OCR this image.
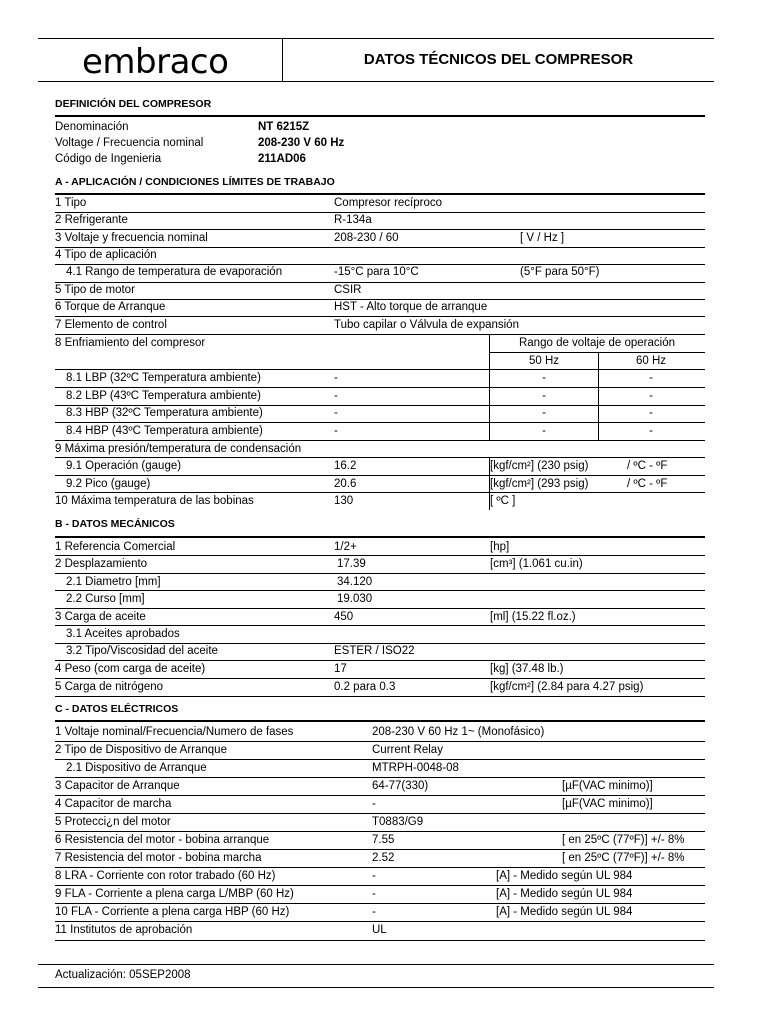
embraco	DATOS TÉCNICOS DEL COMPRESOR
DEFINICIÓN DEL COMPRESOR
Denominación	NT 6215Z
Voltage / Frecuencia nominal	208-230 V 60 Hz
Código de Ingenieria	211AD06
A - APLICACIÓN / CONDICIONES LÍMITES DE TRABAJO
1 Tipo	Compresor recíproco
2 Refrigerante	R-134a
3 Voltaje y frecuencia nominal	208-230 / 60	[ V / Hz ]
4 Tipo de aplicación
4.1 Rango de temperatura de evaporación	-15°C para 10°C	(5°F para 50°F)
5 Tipo de motor	CSIR
6 Torque de Arranque	HST - Alto torque de arranque
7 Elemento de control	Tubo capilar o Válvula de expansión
8 Enfriamiento del compresor	Rango de voltaje de operación
50 Hz	60 Hz
8.1 LBP (32ºC Temperatura ambiente)	-	-	-
8.2 LBP (43ºC Temperatura ambiente)	-	-	-
8.3 HBP (32ºC Temperatura ambiente)	-	-	-
8.4 HBP (43ºC Temperatura ambiente)	-	-	-
9 Máxima presión/temperatura de condensación
9.1 Operación (gauge)	16.2	[kgf/cm²] (230 psig)	/ ºC - ºF
9.2 Pico (gauge)	20.6	[kgf/cm²] (293 psig)	/ ºC - ºF
10 Máxima temperatura de las bobinas	130	[ ºC ]
B - DATOS MECÁNICOS
1 Referencia Comercial	1/2+	[hp]
2 Desplazamiento	17.39	[cm³] (1.061 cu.in)
2.1 Diametro [mm]	34.120
2.2 Curso [mm]	19.030
3 Carga de aceite	450	[ml] (15.22 fl.oz.)
3.1 Aceites aprobados
3.2 Tipo/Viscosidad del aceite	ESTER / ISO22
4 Peso (com carga de aceite)	17	[kg] (37.48 lb.)
5 Carga de nitrógeno	0.2 para 0.3	[kgf/cm²] (2.84 para 4.27 psig)
C - DATOS ELÉCTRICOS
1 Voltaje nominal/Frecuencia/Numero de fases	208-230 V 60 Hz 1~ (Monofásico)
2 Tipo de Dispositivo de Arranque	Current Relay
2.1 Dispositivo de Arranque	MTRPH-0048-08
3 Capacitor de Arranque	64-77(330)	[µF(VAC minimo)]
4 Capacitor de marcha	-	[µF(VAC minimo)]
5 Protecci¿n del motor	T0883/G9
6 Resistencia del motor - bobina arranque	7.55	[ en 25ºC (77ºF)] +/- 8%
7 Resistencia del motor - bobina marcha	2.52	[ en 25ºC (77ºF)] +/- 8%
8 LRA - Corriente con rotor trabado (60 Hz)	-	[A] - Medido según UL 984
9 FLA - Corriente a plena carga L/MBP (60 Hz)	-	[A] - Medido según UL 984
10 FLA - Corriente a plena carga HBP (60 Hz)	-	[A] - Medido según UL 984
11 Institutos de aprobación	UL
Actualización: 05SEP2008
